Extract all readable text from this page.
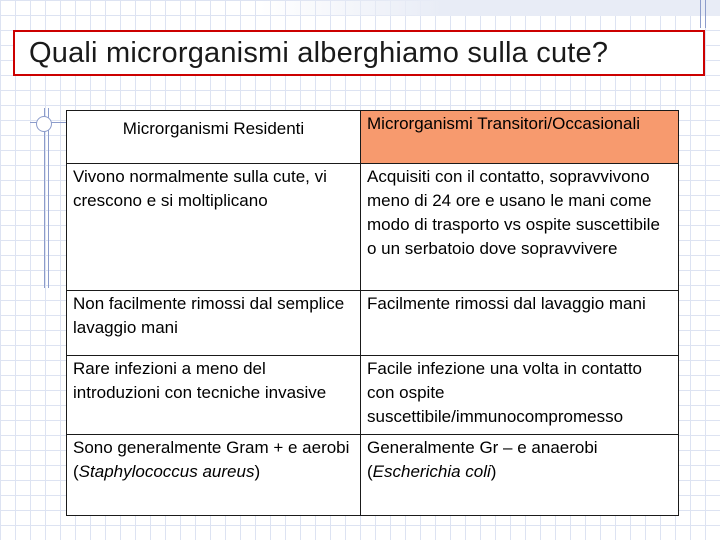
Quali microrganismi alberghiamo sulla cute?
Microrganismi Residenti	Microrganismi Transitori/Occasionali
Vivono normalmente sulla cute, vi crescono e si moltiplicano	Acquisiti con il contatto, sopravvivono meno di 24 ore e usano le mani come modo di trasporto vs ospite suscettibile o un serbatoio dove sopravvivere
Non facilmente rimossi dal semplice lavaggio mani	Facilmente rimossi dal lavaggio mani
Rare infezioni a meno del introduzioni con tecniche invasive	Facile infezione una volta in contatto con ospite suscettibile/immunocompromesso
Sono generalmente Gram + e aerobi (Staphylococcus aureus)	Generalmente Gr – e anaerobi (Escherichia coli)
